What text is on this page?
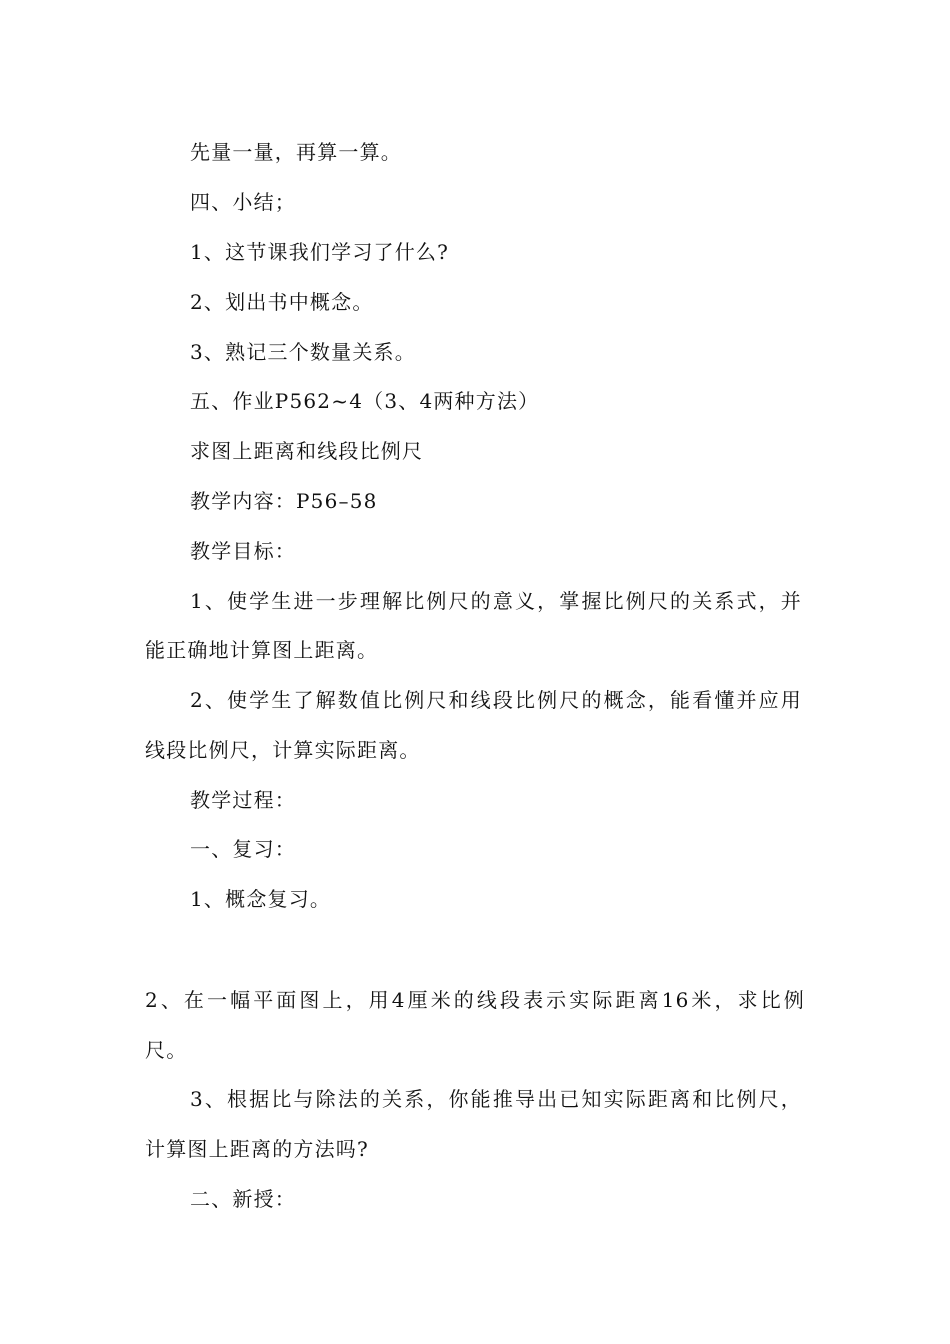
先量一量，再算一算。
四、小结；
1、这节课我们学习了什么?
2、划出书中概念。
3、熟记三个数量关系。
五、作业P562~4（3、4两种方法）
求图上距离和线段比例尺
教学内容：P56–58
教学目标：
1、使学生进一步理解比例尺的意义，掌握比例尺的关系式，并
能正确地计算图上距离。
2、使学生了解数值比例尺和线段比例尺的概念，能看懂并应用
线段比例尺，计算实际距离。
教学过程：
一、复习：
1、概念复习。
2、在一幅平面图上，用4厘米的线段表示实际距离16米，求比例
尺。
3、根据比与除法的关系，你能推导出已知实际距离和比例尺，
计算图上距离的方法吗?
二、新授：
